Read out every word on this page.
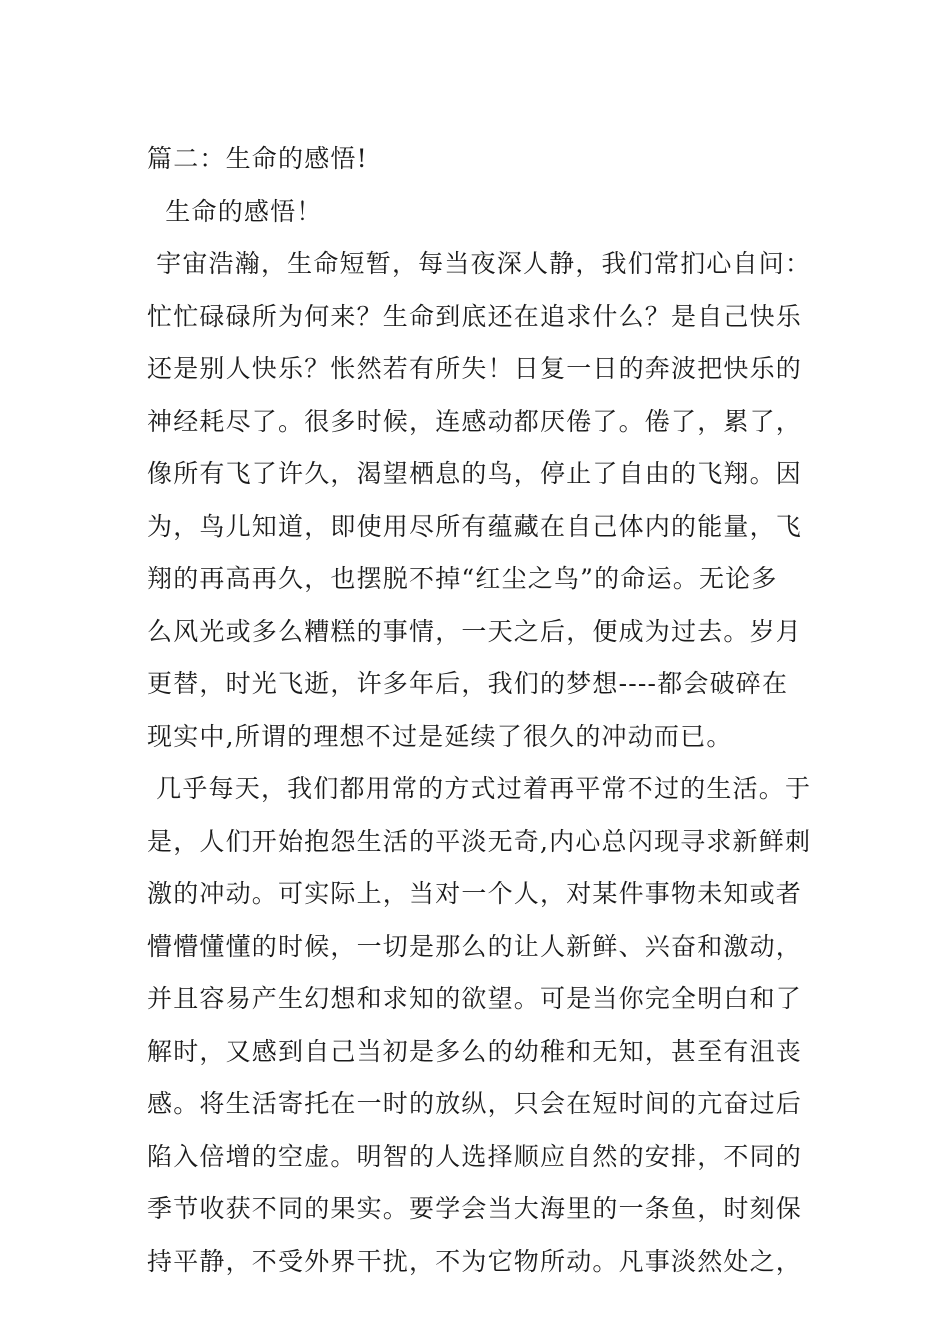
篇二：生命的感悟!
生命的感悟！
宇宙浩瀚，生命短暂，每当夜深人静，我们常扪心自问：
忙忙碌碌所为何来？生命到底还在追求什么？是自己快乐
还是别人快乐？怅然若有所失！日复一日的奔波把快乐的
神经耗尽了。很多时候，连感动都厌倦了。倦了，累了，
像所有飞了许久，渴望栖息的鸟，停止了自由的飞翔。因
为，鸟儿知道，即使用尽所有蕴藏在自己体内的能量，飞
翔的再高再久，也摆脱不掉“红尘之鸟”的命运。无论多
么风光或多么糟糕的事情，一天之后，便成为过去。岁月
更替，时光飞逝，许多年后，我们的梦想----都会破碎在
现实中,所谓的理想不过是延续了很久的冲动而已。
几乎每天，我们都用常的方式过着再平常不过的生活。于
是，人们开始抱怨生活的平淡无奇,内心总闪现寻求新鲜刺
激的冲动。可实际上，当对一个人，对某件事物未知或者
懵懵懂懂的时候，一切是那么的让人新鲜、兴奋和激动，
并且容易产生幻想和求知的欲望。可是当你完全明白和了
解时，又感到自己当初是多么的幼稚和无知，甚至有沮丧
感。将生活寄托在一时的放纵，只会在短时间的亢奋过后
陷入倍增的空虚。明智的人选择顺应自然的安排，不同的
季节收获不同的果实。要学会当大海里的一条鱼，时刻保
持平静，不受外界干扰，不为它物所动。凡事淡然处之，
